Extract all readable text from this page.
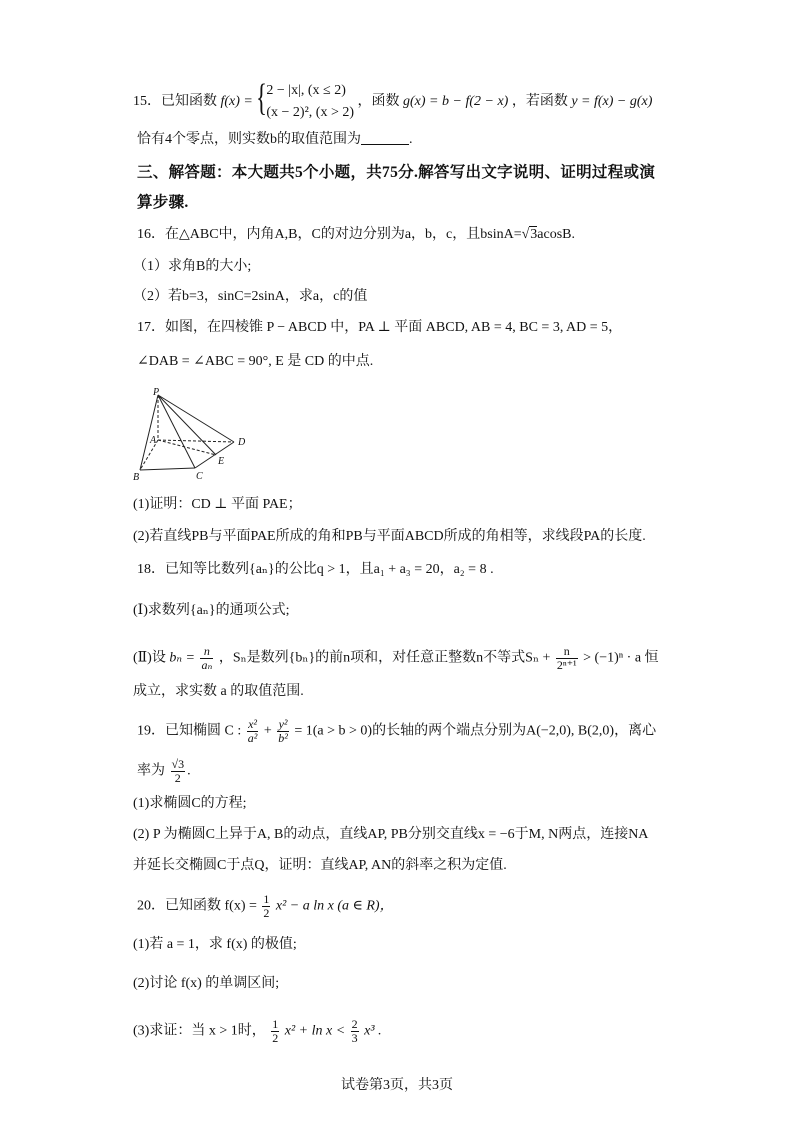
15．已知函数 f(x) = { 2 − |x|, (x ≤ 2)
(x − 2)², (x > 2)
，函数 g(x) = b − f(2 − x) ，若函数 y = f(x) − g(x)
恰有4个零点，则实数b的取值范围为	.
三、解答题：本大题共5个小题，共75分.解答写出文字说明、证明过程或演
算步骤.
16．在△ABC中，内角A,B，C的对边分别为a，b，c，且bsinA=√3acosB.
（1）求角B的大小;
（2）若b=3，sinC=2sinA，求a，c的值
17．如图，在四棱锥 P − ABCD 中，PA ⊥ 平面 ABCD, AB = 4, BC = 3, AD = 5，
∠DAB = ∠ABC = 90°, E 是 CD 的中点.
P
A
B	C
D
E
(1)证明：CD ⊥ 平面 PAE；
(2)若直线PB与平面PAE所成的角和PB与平面ABCD所成的角相等，求线段PA的长度.
18．已知等比数列{aₙ}的公比q > 1，且a₁ + a₃ = 20，a₂ = 8 .
(Ⅰ)求数列{aₙ}的通项公式;
(Ⅱ)设 $b_n = \frac{n}{\text{aₙ}}$ ，Sₙ是数列{bₙ}的前n项和，对任意正整数n不等式$S_n + \frac{n}{\text{2ⁿ⁺¹}} > (-1)^n \cdot a$ 恒
成立，求实数 a 的取值范围.
19．已知椭圆 C : $\frac{\text{x²}}{\text{a²}} + \frac{\text{y²}}{\text{b²}} = 1(a > b > 0)$的长轴的两个端点分别为A(−2,0), B(2,0)，离心
率为 $\frac{√3}{2}$ .
(1)求椭圆C的方程;
(2) P 为椭圆C上异于A, B的动点，直线AP, PB分别交直线x = −6于M, N两点，连接NA
并延长交椭圆C于点Q，证明：直线AP, AN的斜率之积为定值.
20．已知函数 $f(x) = \frac{1}{2} x^2 - a$ ln x (a ∈ R)，
(1)若 a = 1，求 f(x) 的极值;
(2)讨论 f(x) 的单调区间;
(3)求证：当 x > 1时， $\frac{1}{2} x^2 + \ln x < \frac{2}{3} x^3$ .
试卷第3页，共3页
